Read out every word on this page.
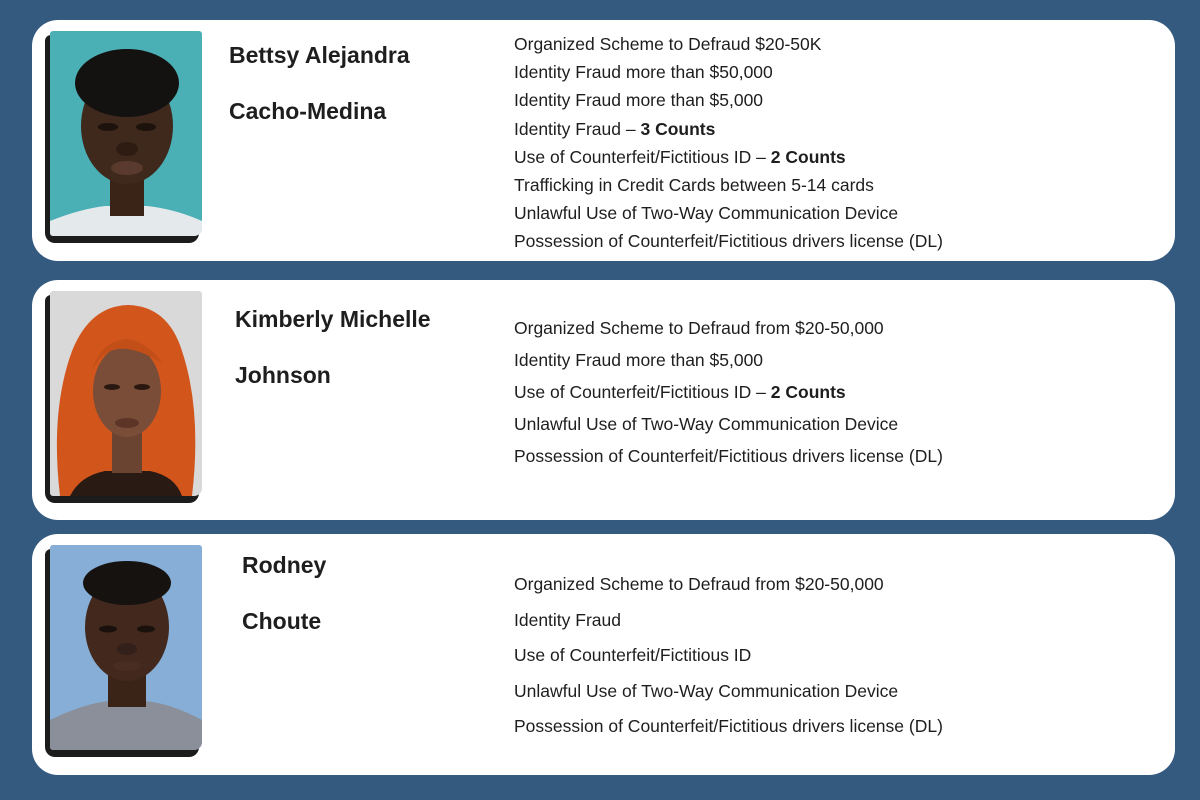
Bettsy Alejandra
Cacho-Medina
Organized Scheme to Defraud $20-50K
Identity Fraud more than $50,000
Identity Fraud more than $5,000
Identity Fraud – 3 Counts
Use of Counterfeit/Fictitious ID – 2 Counts
Trafficking in Credit Cards between 5-14 cards
Unlawful Use of Two-Way Communication Device
Possession of Counterfeit/Fictitious drivers license (DL)
Kimberly Michelle
Johnson
Organized Scheme to Defraud from $20-50,000
Identity Fraud more than $5,000
Use of Counterfeit/Fictitious ID – 2 Counts
Unlawful Use of Two-Way Communication Device
Possession of Counterfeit/Fictitious drivers license (DL)
Rodney
Choute
Organized Scheme to Defraud from $20-50,000
Identity Fraud
Use of Counterfeit/Fictitious ID
Unlawful Use of Two-Way Communication Device
Possession of Counterfeit/Fictitious drivers license (DL)
